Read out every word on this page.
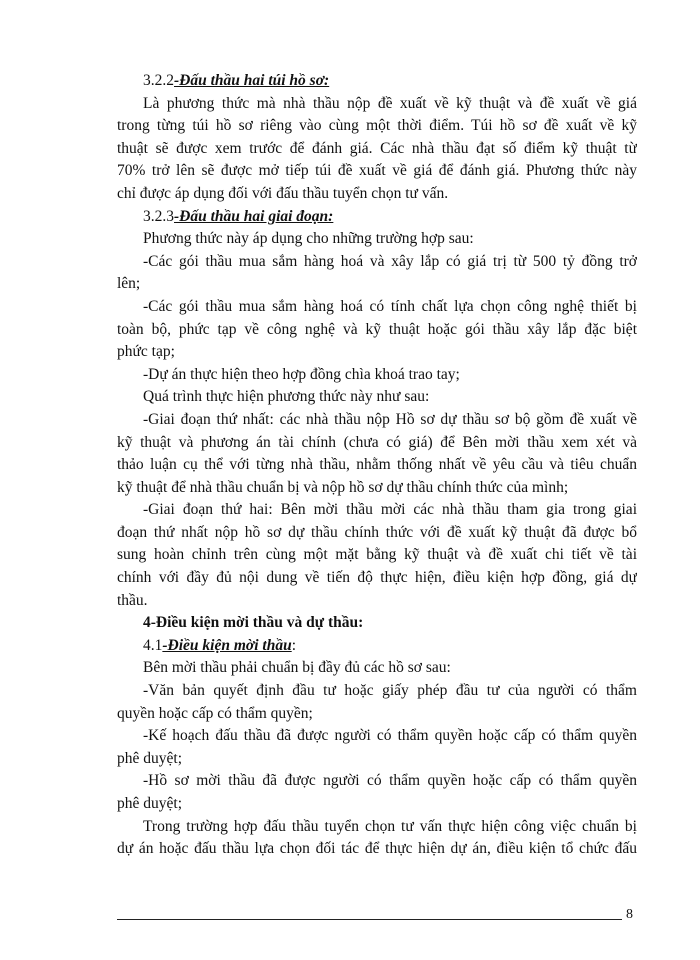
3.2.2-Đấu thầu hai túi hồ sơ:
Là phương thức mà nhà thầu nộp đề xuất về kỹ thuật và đề xuất về giá
trong từng túi hồ sơ riêng vào cùng một thời điểm. Túi hồ sơ đề xuất về kỹ
thuật sẽ được xem trước để đánh giá. Các nhà thầu đạt số điểm kỹ thuật từ
70% trở lên sẽ được mở tiếp túi đề xuất về giá để đánh giá. Phương thức này
chỉ được áp dụng đối với đấu thầu tuyển chọn tư vấn.
3.2.3-Đấu thầu hai giai đoạn:
Phương thức này áp dụng cho những trường hợp sau:
-Các gói thầu mua sắm hàng hoá và xây lắp có giá trị từ 500 tỷ đồng trở
lên;
-Các gói thầu mua sắm hàng hoá có tính chất lựa chọn công nghệ thiết bị
toàn bộ, phức tạp về công nghệ và kỹ thuật hoặc gói thầu xây lắp đặc biệt
phức tạp;
-Dự án thực hiện theo hợp đồng chìa khoá trao tay;
Quá trình thực hiện phương thức này như sau:
-Giai đoạn thứ nhất: các nhà thầu nộp Hồ sơ dự thầu sơ bộ gồm đề xuất về
kỹ thuật và phương án tài chính (chưa có giá) để Bên mời thầu xem xét và
thảo luận cụ thể với từng nhà thầu, nhằm thống nhất về yêu cầu và tiêu chuẩn
kỹ thuật để nhà thầu chuẩn bị và nộp hồ sơ dự thầu chính thức của mình;
-Giai đoạn thứ hai: Bên mời thầu mời các nhà thầu tham gia trong giai
đoạn thứ nhất nộp hồ sơ dự thầu chính thức với đề xuất kỹ thuật đã được bổ
sung hoàn chỉnh trên cùng một mặt bằng kỹ thuật và đề xuất chi tiết về tài
chính với đầy đủ nội dung về tiến độ thực hiện, điều kiện hợp đồng, giá dự
thầu.
4-Điều kiện mời thầu và dự thầu:
4.1-Điều kiện mời thầu:
Bên mời thầu phải chuẩn bị đầy đủ các hồ sơ sau:
-Văn bản quyết định đầu tư hoặc giấy phép đầu tư của người có thẩm
quyền hoặc cấp có thẩm quyền;
-Kế hoạch đấu thầu đã được người có thẩm quyền hoặc cấp có thẩm quyền
phê duyệt;
-Hồ sơ mời thầu đã được người có thẩm quyền hoặc cấp có thẩm quyền
phê duyệt;
Trong trường hợp đấu thầu tuyển chọn tư vấn thực hiện công việc chuẩn bị
dự án hoặc đấu thầu lựa chọn đối tác để thực hiện dự án, điều kiện tổ chức đấu
8
